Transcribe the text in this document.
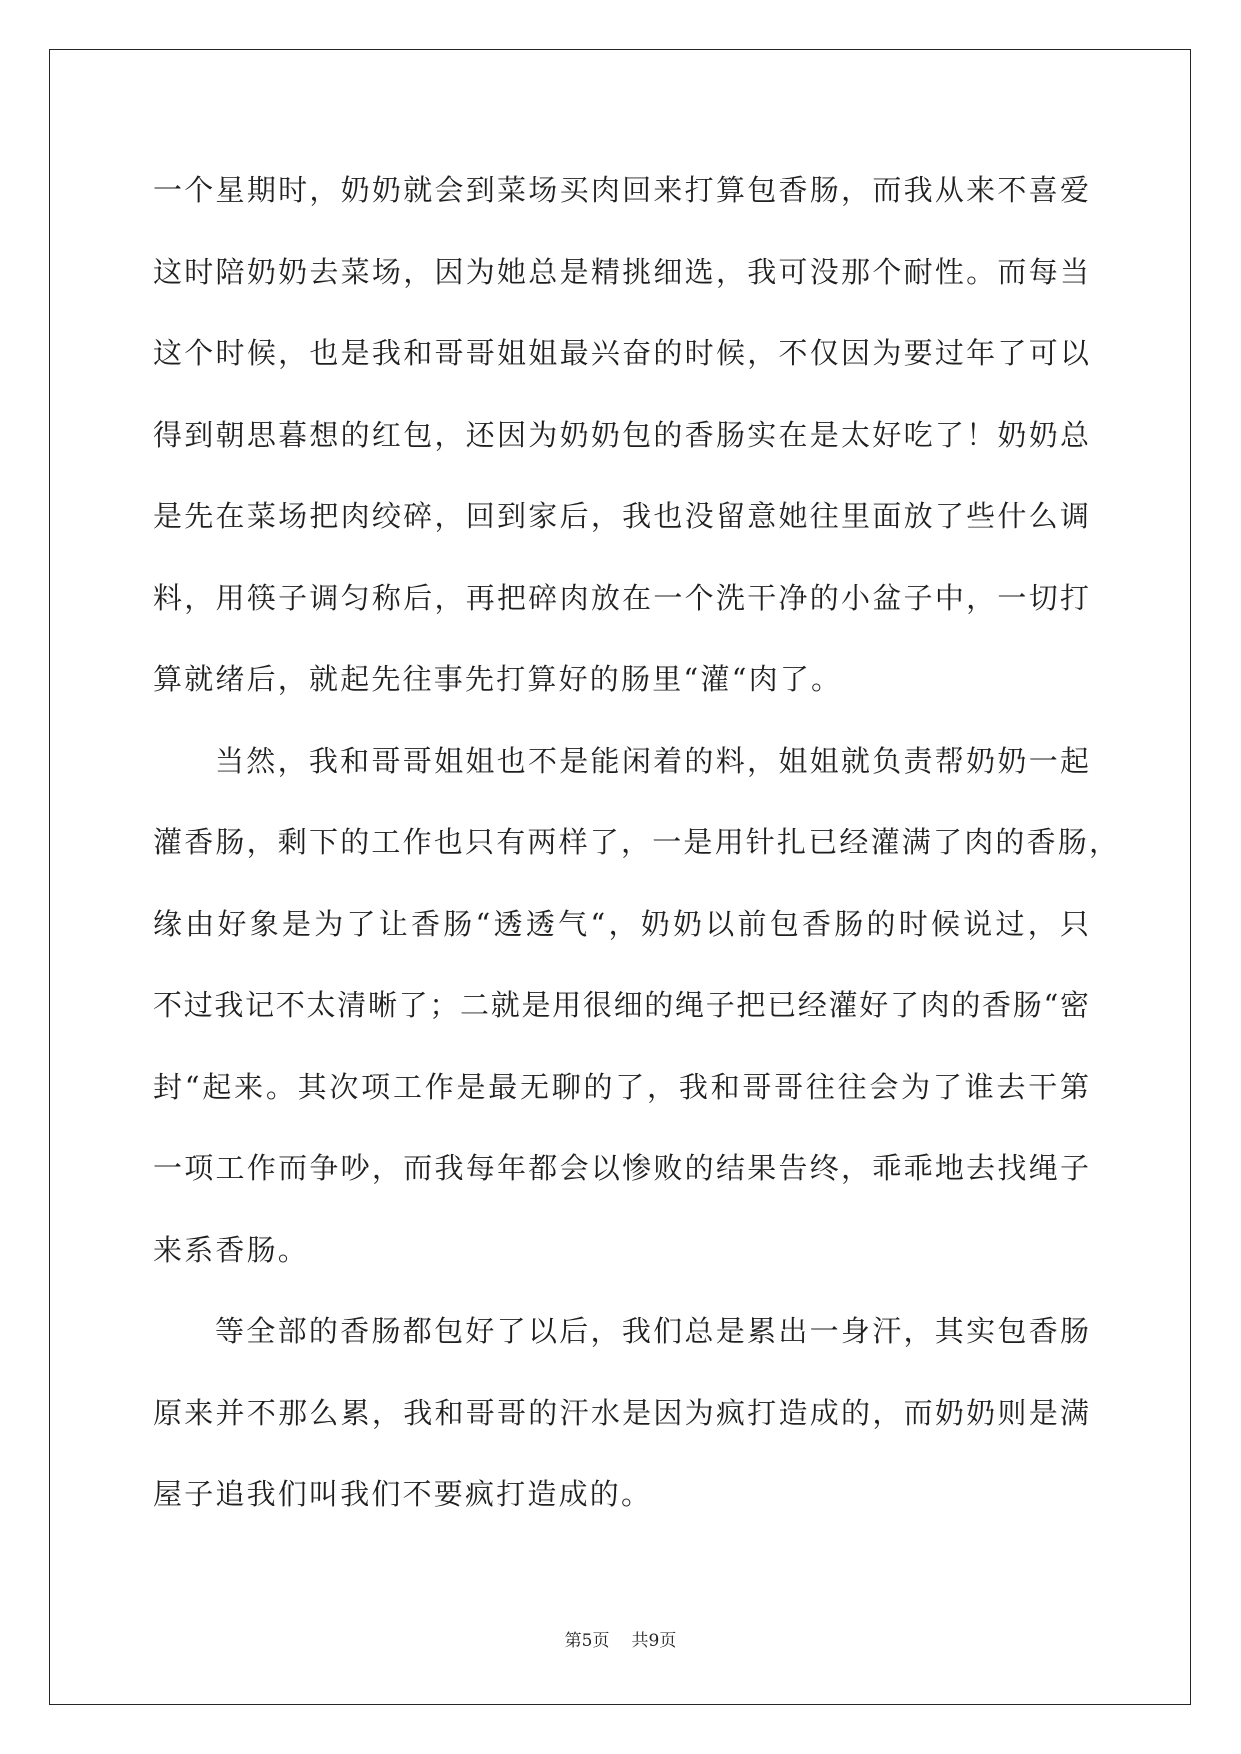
一个星期时，奶奶就会到菜场买肉回来打算包香肠，而我从来不喜爱
这时陪奶奶去菜场，因为她总是精挑细选，我可没那个耐性。而每当
这个时候，也是我和哥哥姐姐最兴奋的时候，不仅因为要过年了可以
得到朝思暮想的红包，还因为奶奶包的香肠实在是太好吃了！奶奶总
是先在菜场把肉绞碎，回到家后，我也没留意她往里面放了些什么调
料，用筷子调匀称后，再把碎肉放在一个洗干净的小盆子中，一切打
算就绪后，就起先往事先打算好的肠里“灌“肉了。
当然，我和哥哥姐姐也不是能闲着的料，姐姐就负责帮奶奶一起
灌香肠，剩下的工作也只有两样了，一是用针扎已经灌满了肉的香肠，
缘由好象是为了让香肠“透透气“，奶奶以前包香肠的时候说过，只
不过我记不太清晰了；二就是用很细的绳子把已经灌好了肉的香肠“密
封“起来。其次项工作是最无聊的了，我和哥哥往往会为了谁去干第
一项工作而争吵，而我每年都会以惨败的结果告终，乖乖地去找绳子
来系香肠。
等全部的香肠都包好了以后，我们总是累出一身汗，其实包香肠
原来并不那么累，我和哥哥的汗水是因为疯打造成的，而奶奶则是满
屋子追我们叫我们不要疯打造成的。
第5页 共9页
